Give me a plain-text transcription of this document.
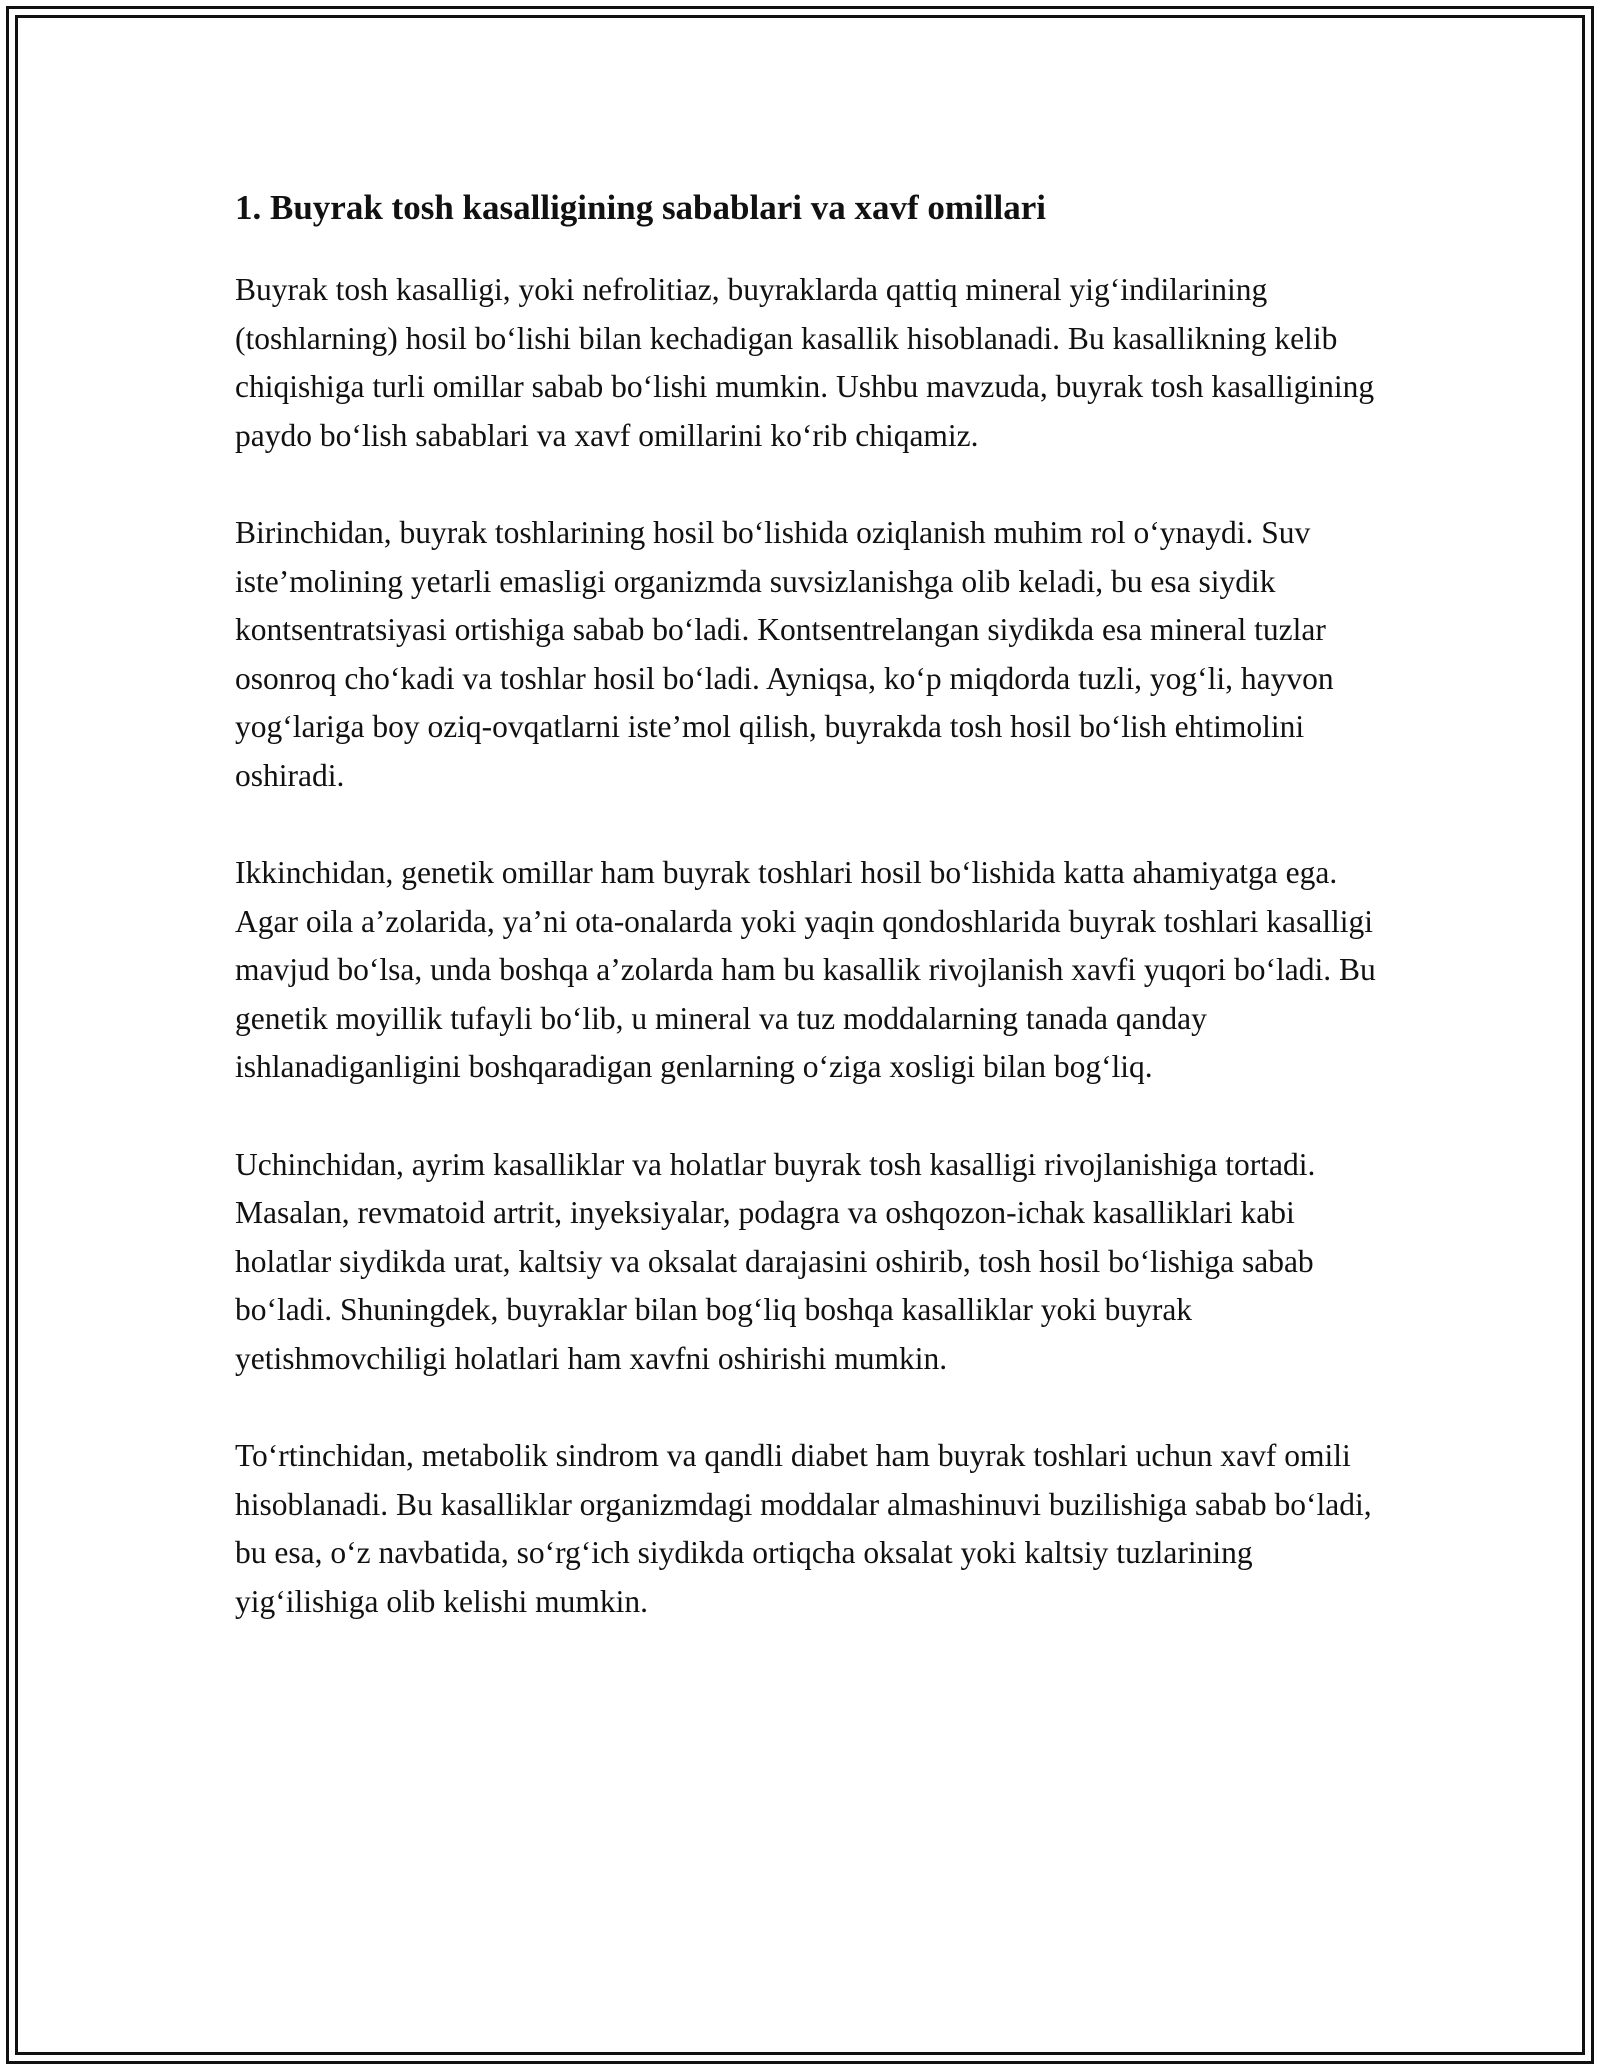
1. Buyrak tosh kasalligining sabablari va xavf omillari

Buyrak tosh kasalligi, yoki nefrolitiaz, buyraklarda qattiq mineral yig‘indilarining (toshlarning) hosil bo‘lishi bilan kechadigan kasallik hisoblanadi. Bu kasallikning kelib chiqishiga turli omillar sabab bo‘lishi mumkin. Ushbu mavzuda, buyrak tosh kasalligining paydo bo‘lish sabablari va xavf omillarini ko‘rib chiqamiz.

Birinchidan, buyrak toshlarining hosil bo‘lishida oziqlanish muhim rol o‘ynaydi. Suv iste’molining yetarli emasligi organizmda suvsizlanishga olib keladi, bu esa siydik kontsentratsiyasi ortishiga sabab bo‘ladi. Kontsentrelangan siydikda esa mineral tuzlar osonroq cho‘kadi va toshlar hosil bo‘ladi. Ayniqsa, ko‘p miqdorda tuzli, yog‘li, hayvon yog‘lariga boy oziq-ovqatlarni iste’mol qilish, buyrakda tosh hosil bo‘lish ehtimolini oshiradi.

Ikkinchidan, genetik omillar ham buyrak toshlari hosil bo‘lishida katta ahamiyatga ega. Agar oila a’zolarida, ya’ni ota-onalarda yoki yaqin qondoshlarida buyrak toshlari kasalligi mavjud bo‘lsa, unda boshqa a’zolarda ham bu kasallik rivojlanish xavfi yuqori bo‘ladi. Bu genetik moyillik tufayli bo‘lib, u mineral va tuz moddalarning tanada qanday ishlanadiganligini boshqaradigan genlarning o‘ziga xosligi bilan bog‘liq.

Uchinchidan, ayrim kasalliklar va holatlar buyrak tosh kasalligi rivojlanishiga tortadi. Masalan, revmatoid artrit, inyeksiyalar, podagra va oshqozon-ichak kasalliklari kabi holatlar siydikda urat, kaltsiy va oksalat darajasini oshirib, tosh hosil bo‘lishiga sabab bo‘ladi. Shuningdek, buyraklar bilan bog‘liq boshqa kasalliklar yoki buyrak yetishmovchiligi holatlari ham xavfni oshirishi mumkin.

To‘rtinchidan, metabolik sindrom va qandli diabet ham buyrak toshlari uchun xavf omili hisoblanadi. Bu kasalliklar organizmdagi moddalar almashinuvi buzilishiga sabab bo‘ladi, bu esa, o‘z navbatida, so‘rg‘ich siydikda ortiqcha oksalat yoki kaltsiy tuzlarining yig‘ilishiga olib kelishi mumkin.
